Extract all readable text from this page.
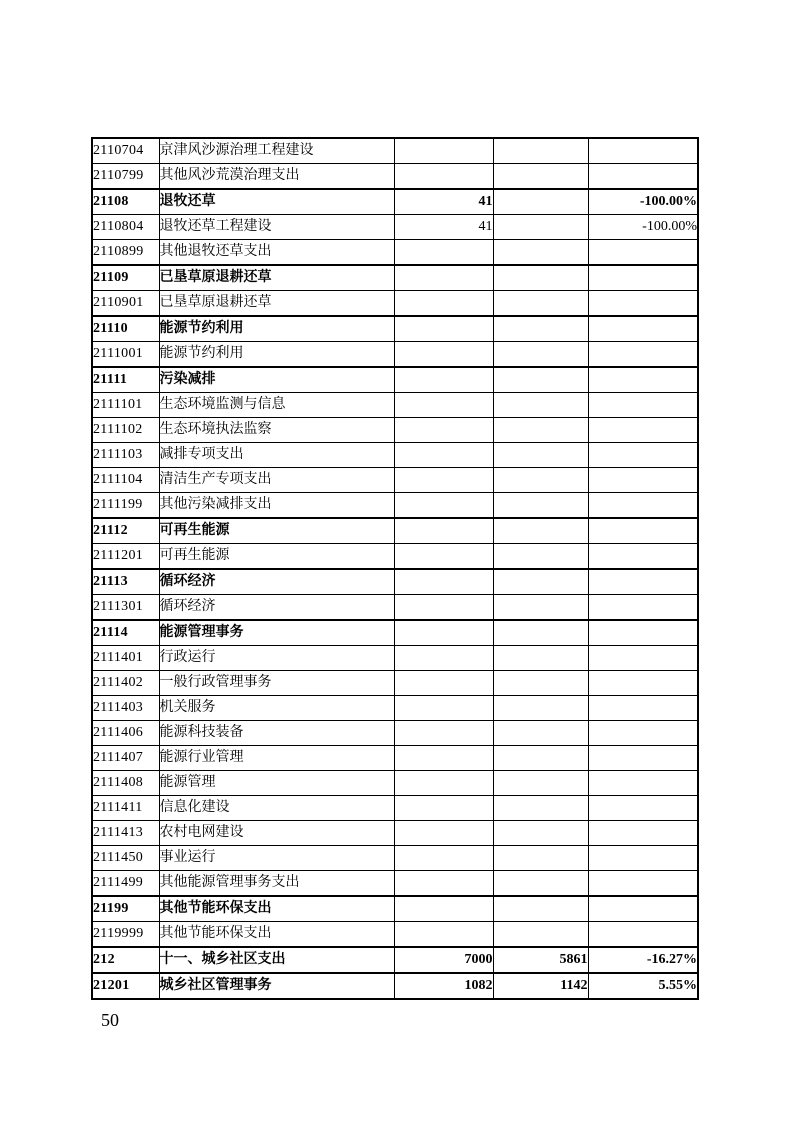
2110704	京津风沙源治理工程建设			
2110799	其他风沙荒漠治理支出			
21108	退牧还草	41		-100.00%
2110804	退牧还草工程建设	41		-100.00%
2110899	其他退牧还草支出			
21109	已垦草原退耕还草			
2110901	已垦草原退耕还草			
21110	能源节约利用			
2111001	能源节约利用			
21111	污染减排			
2111101	生态环境监测与信息			
2111102	生态环境执法监察			
2111103	减排专项支出			
2111104	清洁生产专项支出			
2111199	其他污染减排支出			
21112	可再生能源			
2111201	可再生能源			
21113	循环经济			
2111301	循环经济			
21114	能源管理事务			
2111401	行政运行			
2111402	一般行政管理事务			
2111403	机关服务			
2111406	能源科技装备			
2111407	能源行业管理			
2111408	能源管理			
2111411	信息化建设			
2111413	农村电网建设			
2111450	事业运行			
2111499	其他能源管理事务支出			
21199	其他节能环保支出			
2119999	其他节能环保支出			
212	十一、城乡社区支出	7000	5861	-16.27%
21201	城乡社区管理事务	1082	1142	5.55%
50
